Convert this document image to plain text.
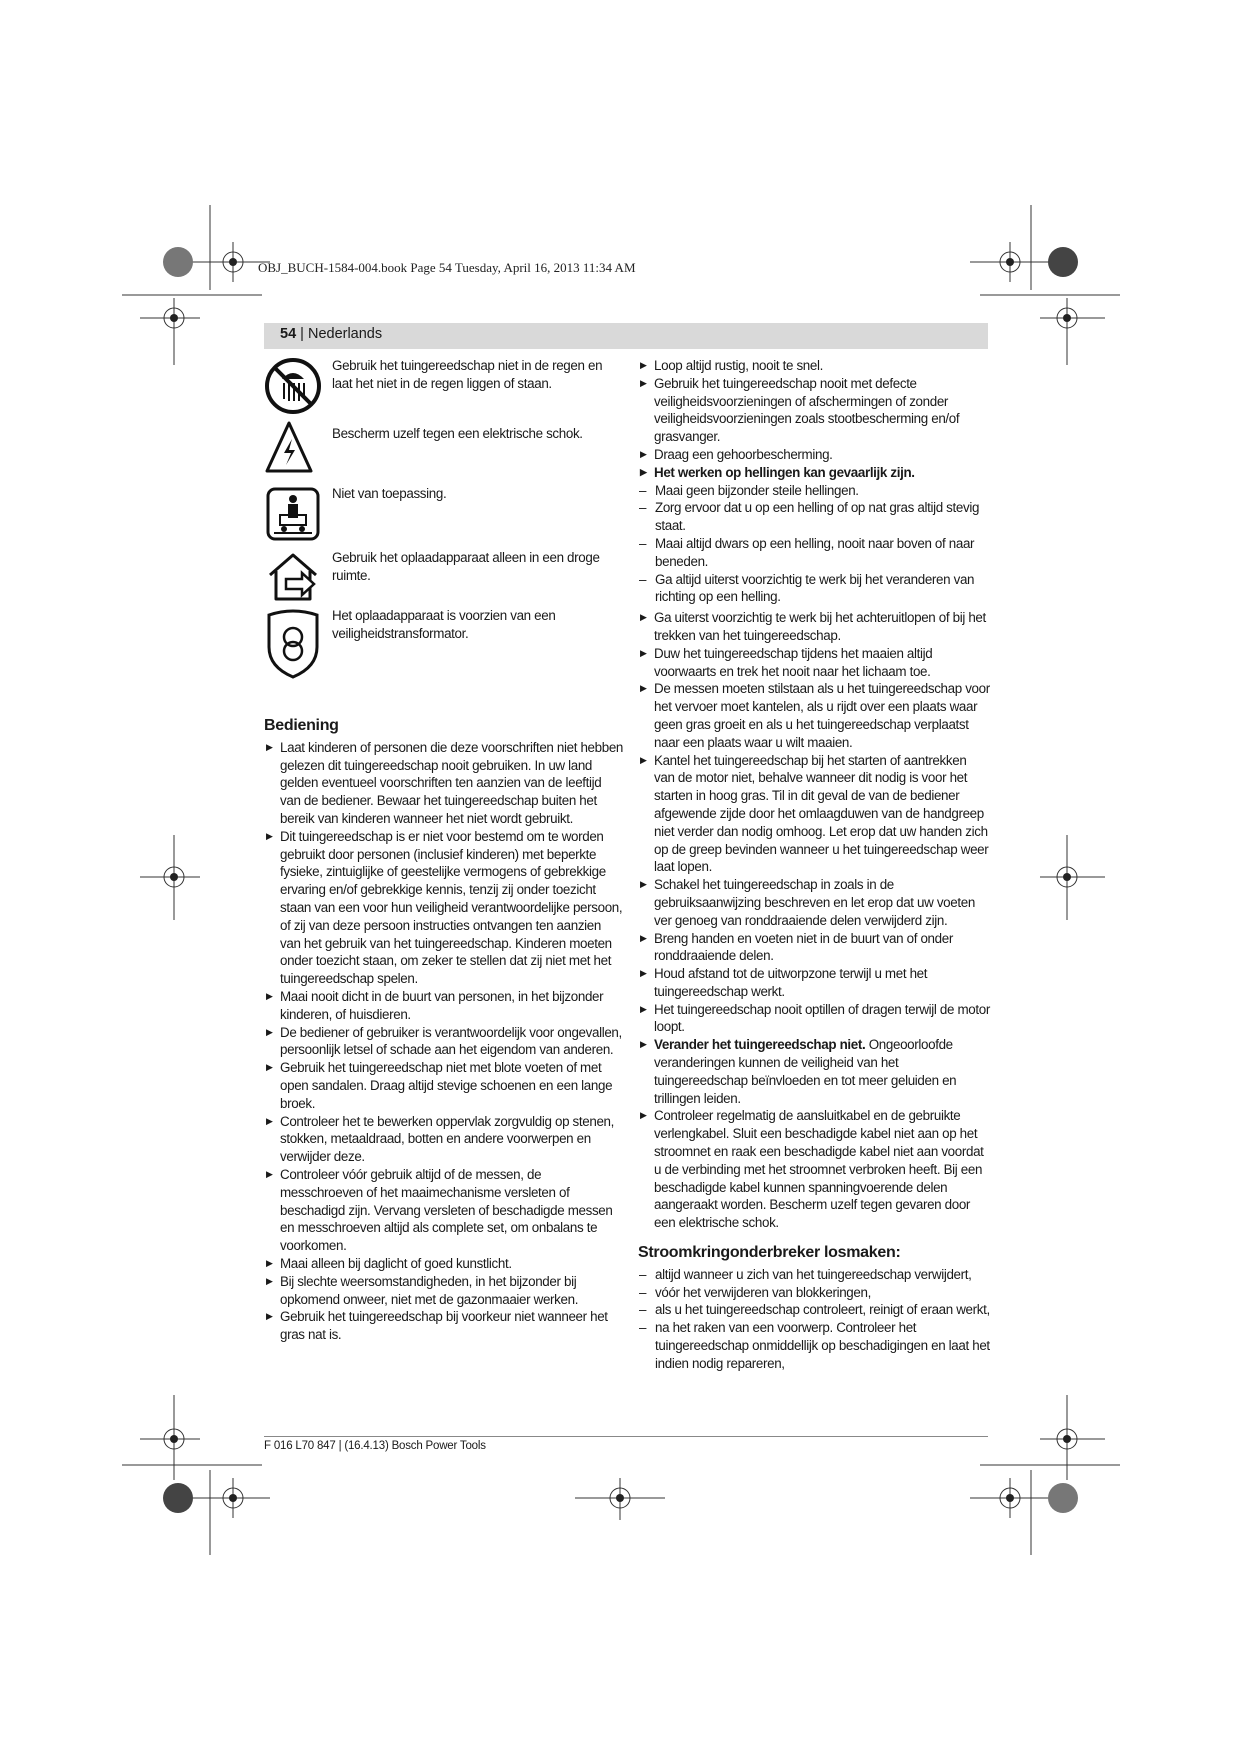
OBJ_BUCH-1584-004.book Page 54 Tuesday, April 16, 2013 11:34 AM
54 | Nederlands
Gebruik het tuingereedschap niet in de regen en laat het niet in de regen liggen of staan.
Bescherm uzelf tegen een elektrische schok.
Niet van toepassing.
Gebruik het oplaadapparaat alleen in een droge ruimte.
Het oplaadapparaat is voorzien van een veiligheidstransformator.
Bediening

▶ Laat kinderen of personen die deze voorschriften niet hebben gelezen dit tuingereedschap nooit gebruiken. In uw land gelden eventueel voorschriften ten aanzien van de leeftijd van de bediener. Bewaar het tuingereedschap buiten het bereik van kinderen wanneer het niet wordt gebruikt.

▶ Dit tuingereedschap is er niet voor bestemd om te worden gebruikt door personen (inclusief kinderen) met beperkte fysieke, zintuiglijke of geestelijke vermogens of gebrekkige ervaring en/of gebrekkige kennis, tenzij zij onder toezicht staan van een voor hun veiligheid verantwoordelijke persoon, of zij van deze persoon instructies ontvangen ten aanzien van het gebruik van het tuingereedschap. Kinderen moeten onder toezicht staan, om zeker te stellen dat zij niet met het tuingereedschap spelen.

▶ Maai nooit dicht in de buurt van personen, in het bijzonder kinderen, of huisdieren.

▶ De bediener of gebruiker is verantwoordelijk voor ongevallen, persoonlijk letsel of schade aan het eigendom van anderen.

▶ Gebruik het tuingereedschap niet met blote voeten of met open sandalen. Draag altijd stevige schoenen en een lange broek.

▶ Controleer het te bewerken oppervlak zorgvuldig op stenen, stokken, metaaldraad, botten en andere voorwerpen en verwijder deze.

▶ Controleer vóór gebruik altijd of de messen, de messchroeven of het maaimechanisme versleten of beschadigd zijn. Vervang versleten of beschadigde messen en messchroeven altijd als complete set, om onbalans te voorkomen.

▶ Maai alleen bij daglicht of goed kunstlicht.

▶ Bij slechte weersomstandigheden, in het bijzonder bij opkomend onweer, niet met de gazonmaaier werken.

▶ Gebruik het tuingereedschap bij voorkeur niet wanneer het gras nat is.

▶ Loop altijd rustig, nooit te snel.

▶ Gebruik het tuingereedschap nooit met defecte veiligheidsvoorzieningen of afschermingen of zonder veiligheidsvoorzieningen zoals stootbescherming en/of grasvanger.

▶ Draag een gehoorbescherming.

▶ Het werken op hellingen kan gevaarlijk zijn.

– Maai geen bijzonder steile hellingen.

– Zorg ervoor dat u op een helling of op nat gras altijd stevig staat.

– Maai altijd dwars op een helling, nooit naar boven of naar beneden.

– Ga altijd uiterst voorzichtig te werk bij het veranderen van richting op een helling.

▶ Ga uiterst voorzichtig te werk bij het achteruitlopen of bij het trekken van het tuingereedschap.

▶ Duw het tuingereedschap tijdens het maaien altijd voorwaarts en trek het nooit naar het lichaam toe.

▶ De messen moeten stilstaan als u het tuingereedschap voor het vervoer moet kantelen, als u rijdt over een plaats waar geen gras groeit en als u het tuingereedschap verplaatst naar een plaats waar u wilt maaien.

▶ Kantel het tuingereedschap bij het starten of aantrekken van de motor niet, behalve wanneer dit nodig is voor het starten in hoog gras. Til in dit geval de van de bediener afgewende zijde door het omlaagduwen van de handgreep niet verder dan nodig omhoog. Let erop dat uw handen zich op de greep bevinden wanneer u het tuingereedschap weer laat lopen.

▶ Schakel het tuingereedschap in zoals in de gebruiksaanwijzing beschreven en let erop dat uw voeten ver genoeg van ronddraaiende delen verwijderd zijn.

▶ Breng handen en voeten niet in de buurt van of onder ronddraaiende delen.

▶ Houd afstand tot de uitworpzone terwijl u met het tuingereedschap werkt.

▶ Het tuingereedschap nooit optillen of dragen terwijl de motor loopt.

▶ Verander het tuingereedschap niet. Ongeoorloofde veranderingen kunnen de veiligheid van het tuingereedschap beïnvloeden en tot meer geluiden en trillingen leiden.

▶ Controleer regelmatig de aansluitkabel en de gebruikte verlengkabel. Sluit een beschadigde kabel niet aan op het stroomnet en raak een beschadigde kabel niet aan voordat u de verbinding met het stroomnet verbroken heeft. Bij een beschadigde kabel kunnen spanningvoerende delen aangeraakt worden. Bescherm uzelf tegen gevaren door een elektrische schok.

Stroomkringonderbreker losmaken:

– altijd wanneer u zich van het tuingereedschap verwijdert,

– vóór het verwijderen van blokkeringen,

– als u het tuingereedschap controleert, reinigt of eraan werkt,

– na het raken van een voorwerp. Controleer het tuingereedschap onmiddellijk op beschadigingen en laat het indien nodig repareren,

F 016 L70 847 | (16.4.13) Bosch Power Tools
